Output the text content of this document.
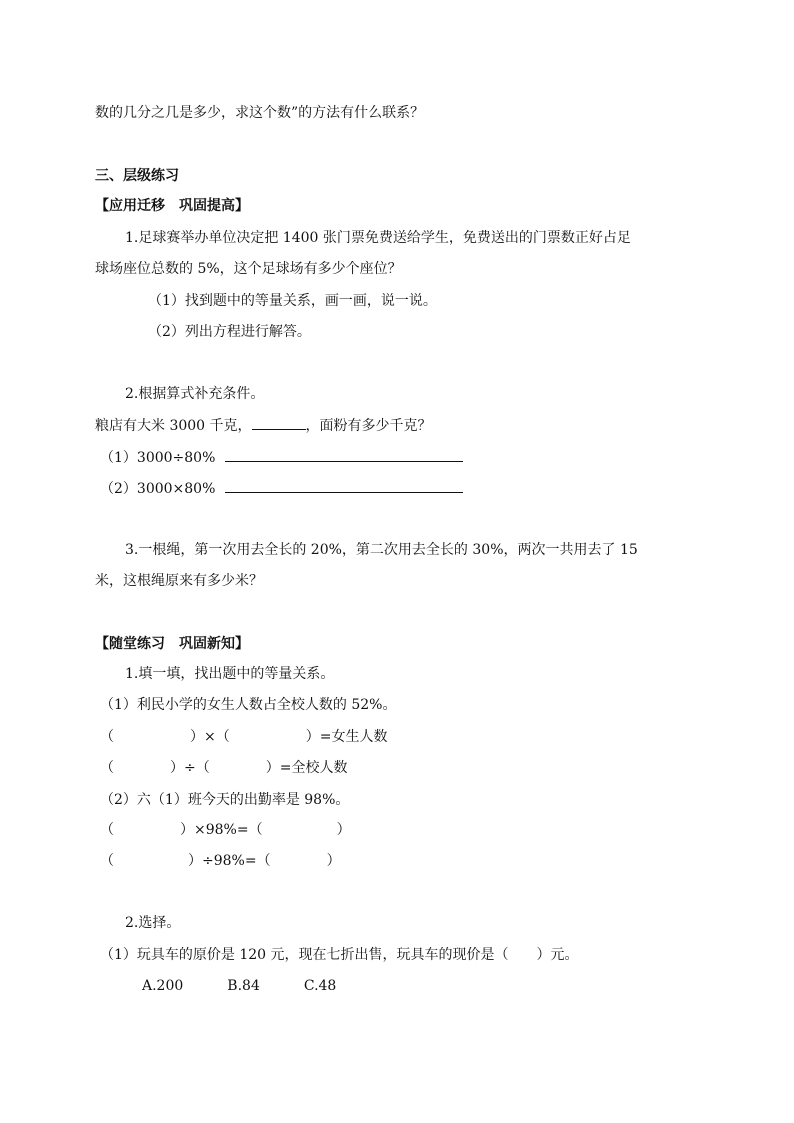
数的几分之几是多少，求这个数”的方法有什么联系？
三、层级练习
【应用迁移　巩固提高】
1.足球赛举办单位决定把 1400 张门票免费送给学生，免费送出的门票数正好占足
球场座位总数的 5%，这个足球场有多少个座位？
（1）找到题中的等量关系，画一画，说一说。
（2）列出方程进行解答。
2.根据算式补充条件。
粮店有大米 3000 千克，	，面粉有多少千克？
（1）3000÷80%
（2）3000×80%
3.一根绳，第一次用去全长的 20%，第二次用去全长的 30%，两次一共用去了 15
米，这根绳原来有多少米？
【随堂练习　巩固新知】
1.填一填，找出题中的等量关系。
（1）利民小学的女生人数占全校人数的 52%。
（	）×（	）=女生人数
（	）÷（	）=全校人数
（2）六（1）班今天的出勤率是 98%。
（	）×98%=（	）
（	）÷98%=（	）
2.选择。
（1）玩具车的原价是 120 元，现在七折出售，玩具车的现价是（ ）元。
A.200	B.84	C.48
